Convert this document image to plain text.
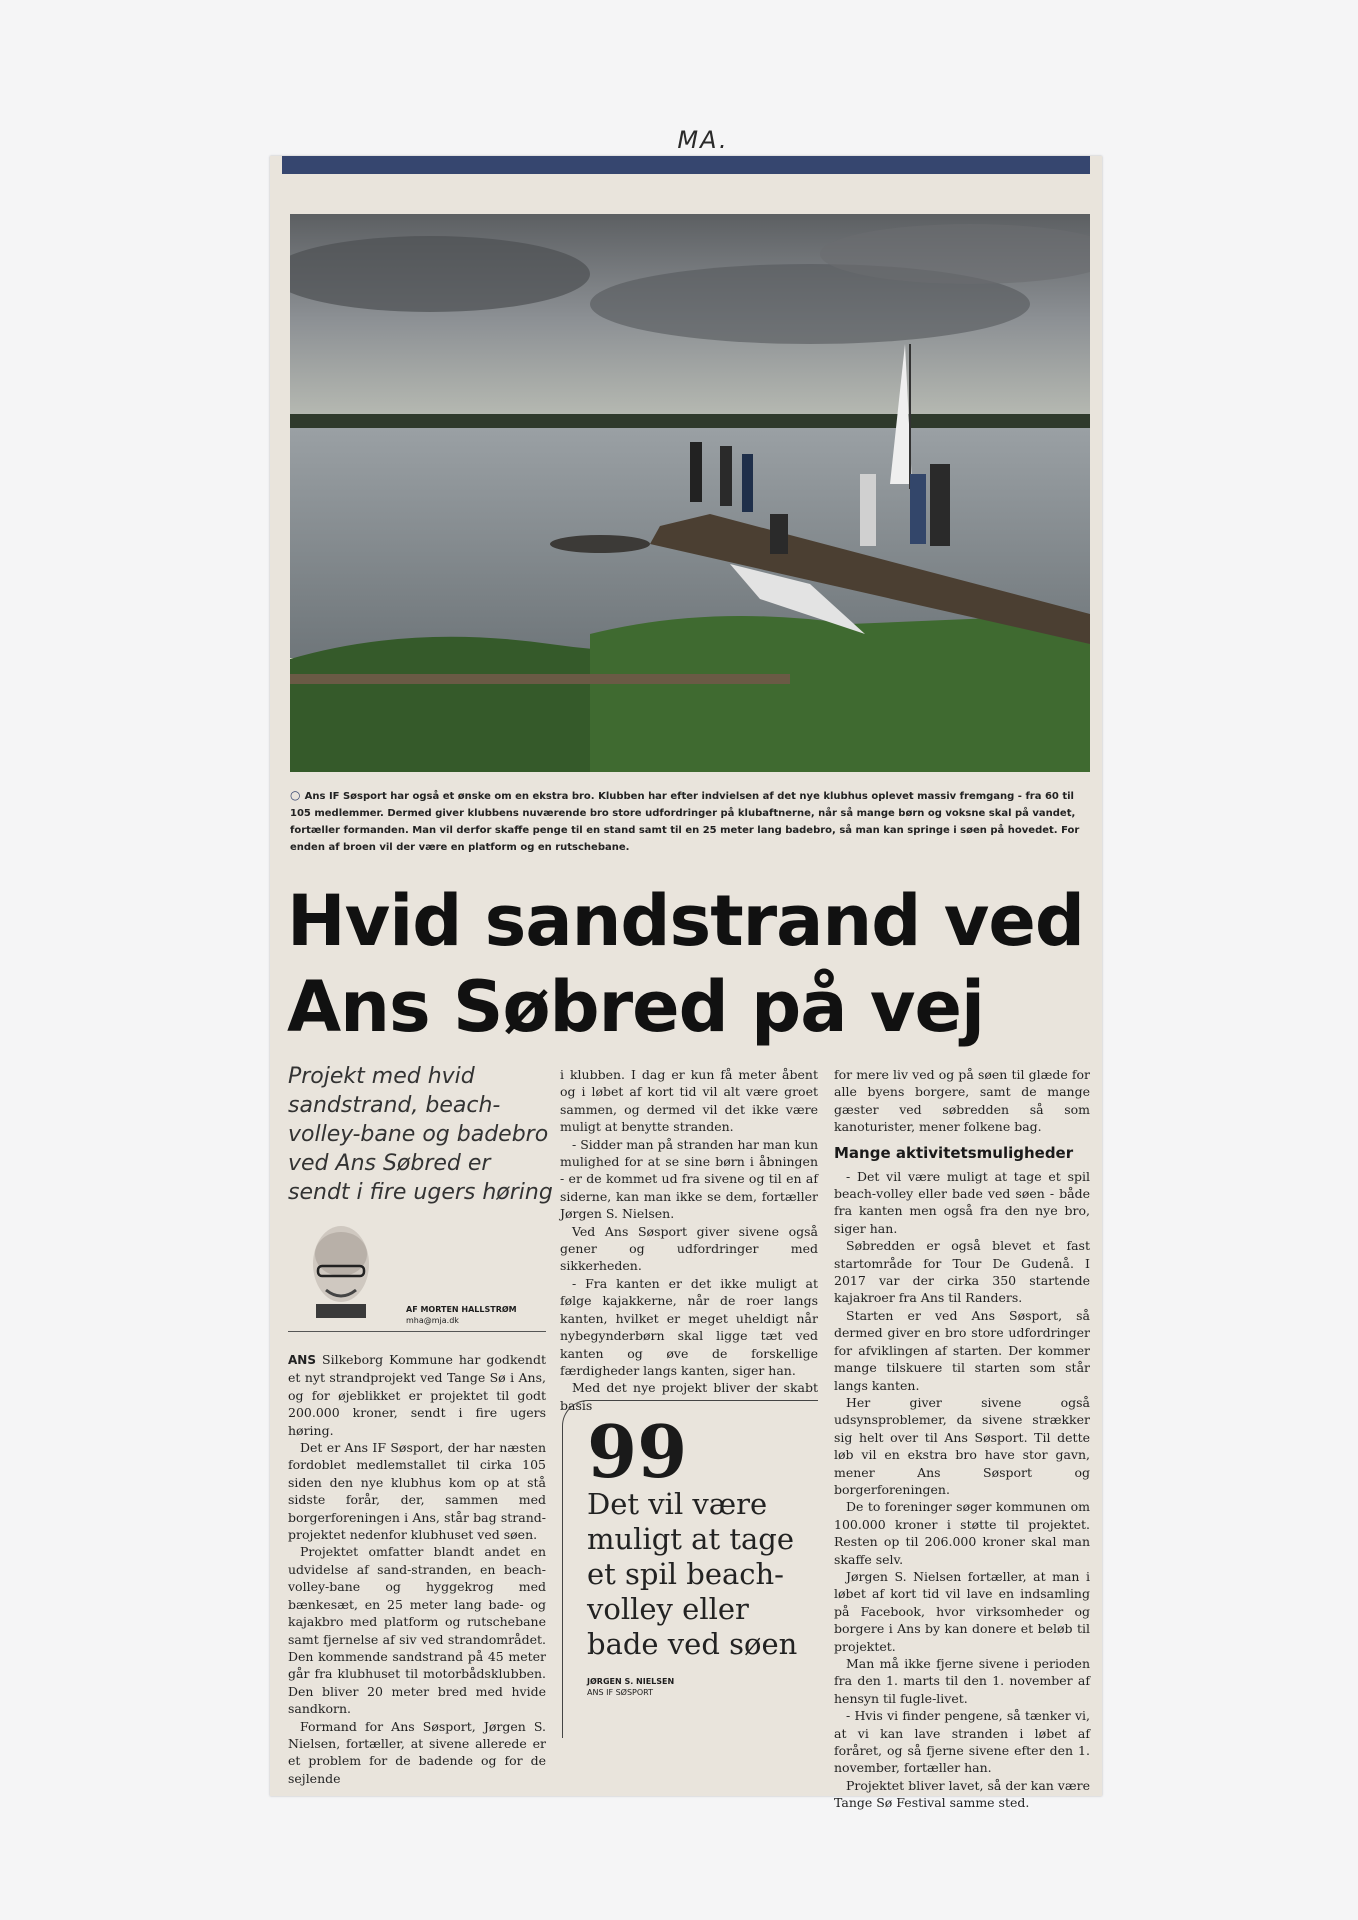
MA.
○ Ans IF Søsport har også et ønske om en ekstra bro. Klubben har efter indvielsen af det nye klubhus oplevet massiv fremgang - fra 60 til 105 medlemmer. Dermed giver klubbens nuværende bro store udfordringer på klubaftnerne, når så mange børn og voksne skal på vandet, fortæller formanden. Man vil derfor skaffe penge til en stand samt til en 25 meter lang badebro, så man kan springe i søen på hovedet. For enden af broen vil der være en platform og en rutschebane.
Hvid sandstrand ved
Ans Søbred på vej
Projekt med hvid sandstrand, beach-volley-bane og badebro ved Ans Søbred er sendt i fire ugers høring
AF MORTEN HALLSTRØM
mha@mja.dk

ANS Silkeborg Kommune har godkendt et nyt strandprojekt ved Tange Sø i Ans, og for øjeblikket er projektet til godt 200.000 kroner, sendt i fire ugers høring.

Det er Ans IF Søsport, der har næsten fordoblet medlemstallet til cirka 105 siden den nye klubhus kom op at stå sidste forår, der, sammen med borgerforeningen i Ans, står bag strand-projektet nedenfor klubhuset ved søen.

Projektet omfatter blandt andet en udvidelse af sand-stranden, en beach-volley-bane og hyggekrog med bænkesæt, en 25 meter lang bade- og kajakbro med platform og rutschebane samt fjernelse af siv ved strandområdet. Den kommende sandstrand på 45 meter går fra klubhuset til motorbådsklubben. Den bliver 20 meter bred med hvide sandkorn.

Formand for Ans Søsport, Jørgen S. Nielsen, fortæller, at sivene allerede er et problem for de badende og for de sejlende

i klubben. I dag er kun få meter åbent og i løbet af kort tid vil alt være groet sammen, og dermed vil det ikke være muligt at benytte stranden.

- Sidder man på stranden har man kun mulighed for at se sine børn i åbningen - er de kommet ud fra sivene og til en af siderne, kan man ikke se dem, fortæller Jørgen S. Nielsen.

Ved Ans Søsport giver sivene også gener og udfordringer med sikkerheden.

- Fra kanten er det ikke muligt at følge kajakkerne, når de roer langs kanten, hvilket er meget uheldigt når nybegynderbørn skal ligge tæt ved kanten og øve de forskellige færdigheder langs kanten, siger han.

Med det nye projekt bliver der skabt basis

99
Det vil være muligt at tage et spil beach-volley eller bade ved søen
JØRGEN S. NIELSEN
ANS IF SØSPORT

for mere liv ved og på søen til glæde for alle byens borgere, samt de mange gæster ved søbredden så som kanoturister, mener folkene bag.

Mange aktivitetsmuligheder

- Det vil være muligt at tage et spil beach-volley eller bade ved søen - både fra kanten men også fra den nye bro, siger han.

Søbredden er også blevet et fast startområde for Tour De Gudenå. I 2017 var der cirka 350 startende kajakroer fra Ans til Randers.

Starten er ved Ans Søsport, så dermed giver en bro store udfordringer for afviklingen af starten. Der kommer mange tilskuere til starten som står langs kanten.

Her giver sivene også udsynsproblemer, da sivene strækker sig helt over til Ans Søsport. Til dette løb vil en ekstra bro have stor gavn, mener Ans Søsport og borgerforeningen.

De to foreninger søger kommunen om 100.000 kroner i støtte til projektet. Resten op til 206.000 kroner skal man skaffe selv.

Jørgen S. Nielsen fortæller, at man i løbet af kort tid vil lave en indsamling på Facebook, hvor virksomheder og borgere i Ans by kan donere et beløb til projektet.

Man må ikke fjerne sivene i perioden fra den 1. marts til den 1. november af hensyn til fugle-livet.

- Hvis vi finder pengene, så tænker vi, at vi kan lave stranden i løbet af foråret, og så fjerne sivene efter den 1. november, fortæller han.

Projektet bliver lavet, så der kan være Tange Sø Festival samme sted.
